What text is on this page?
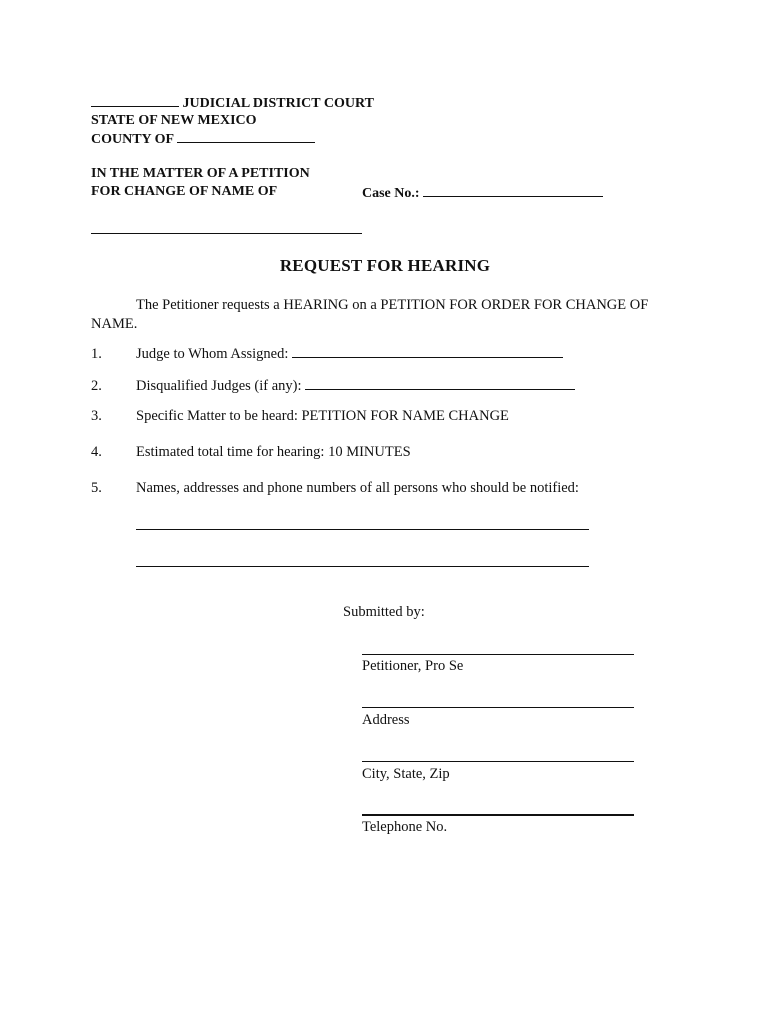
JUDICIAL DISTRICT COURT
STATE OF NEW MEXICO
COUNTY OF
IN THE MATTER OF A PETITION
FOR CHANGE OF NAME OF	Case No.:
REQUEST FOR HEARING
The Petitioner requests a HEARING on a PETITION FOR ORDER FOR CHANGE OF
NAME.
1. Judge to Whom Assigned:
2. Disqualified Judges (if any):
3. Specific Matter to be heard: PETITION FOR NAME CHANGE
4. Estimated total time for hearing: 10 MINUTES
5. Names, addresses and phone numbers of all persons who should be notified:
Submitted by:
Petitioner, Pro Se
Address
City, State, Zip
Telephone No.
